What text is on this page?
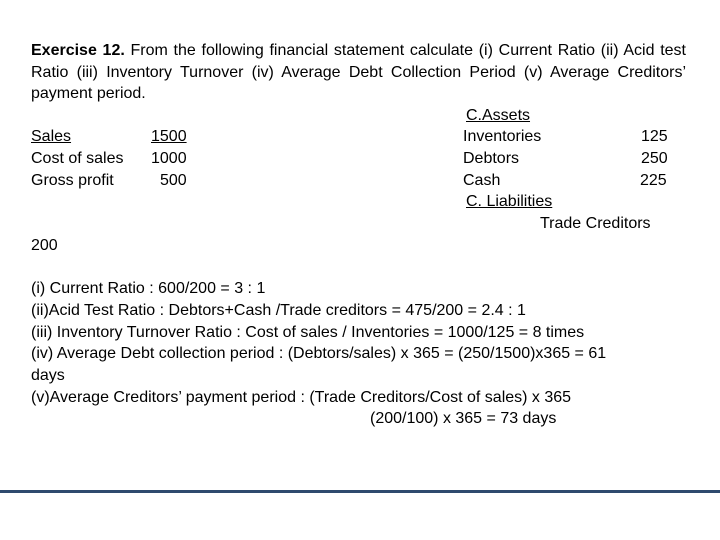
Exercise 12. From the following financial statement calculate (i) Current Ratio (ii) Acid test Ratio (iii) Inventory Turnover (iv) Average Debt Collection Period (v) Average Creditors’ payment period.
Sales	1500
Cost of sales 1000
Gross profit	500
C.Assets
Inventories	125
Debtors	250
Cash	225
C. Liabilities
Trade Creditors
200
(i) Current Ratio : 600/200 = 3 : 1
(ii)Acid Test Ratio : Debtors+Cash /Trade creditors = 475/200 = 2.4 : 1
(iii) Inventory Turnover Ratio : Cost of sales / Inventories = 1000/125 = 8 times
(iv) Average Debt collection period : (Debtors/sales) x 365 = (250/1500)x365 = 61
days
(v)Average Creditors’ payment period : (Trade Creditors/Cost of sales) x 365
(200/100) x 365 = 73 days
